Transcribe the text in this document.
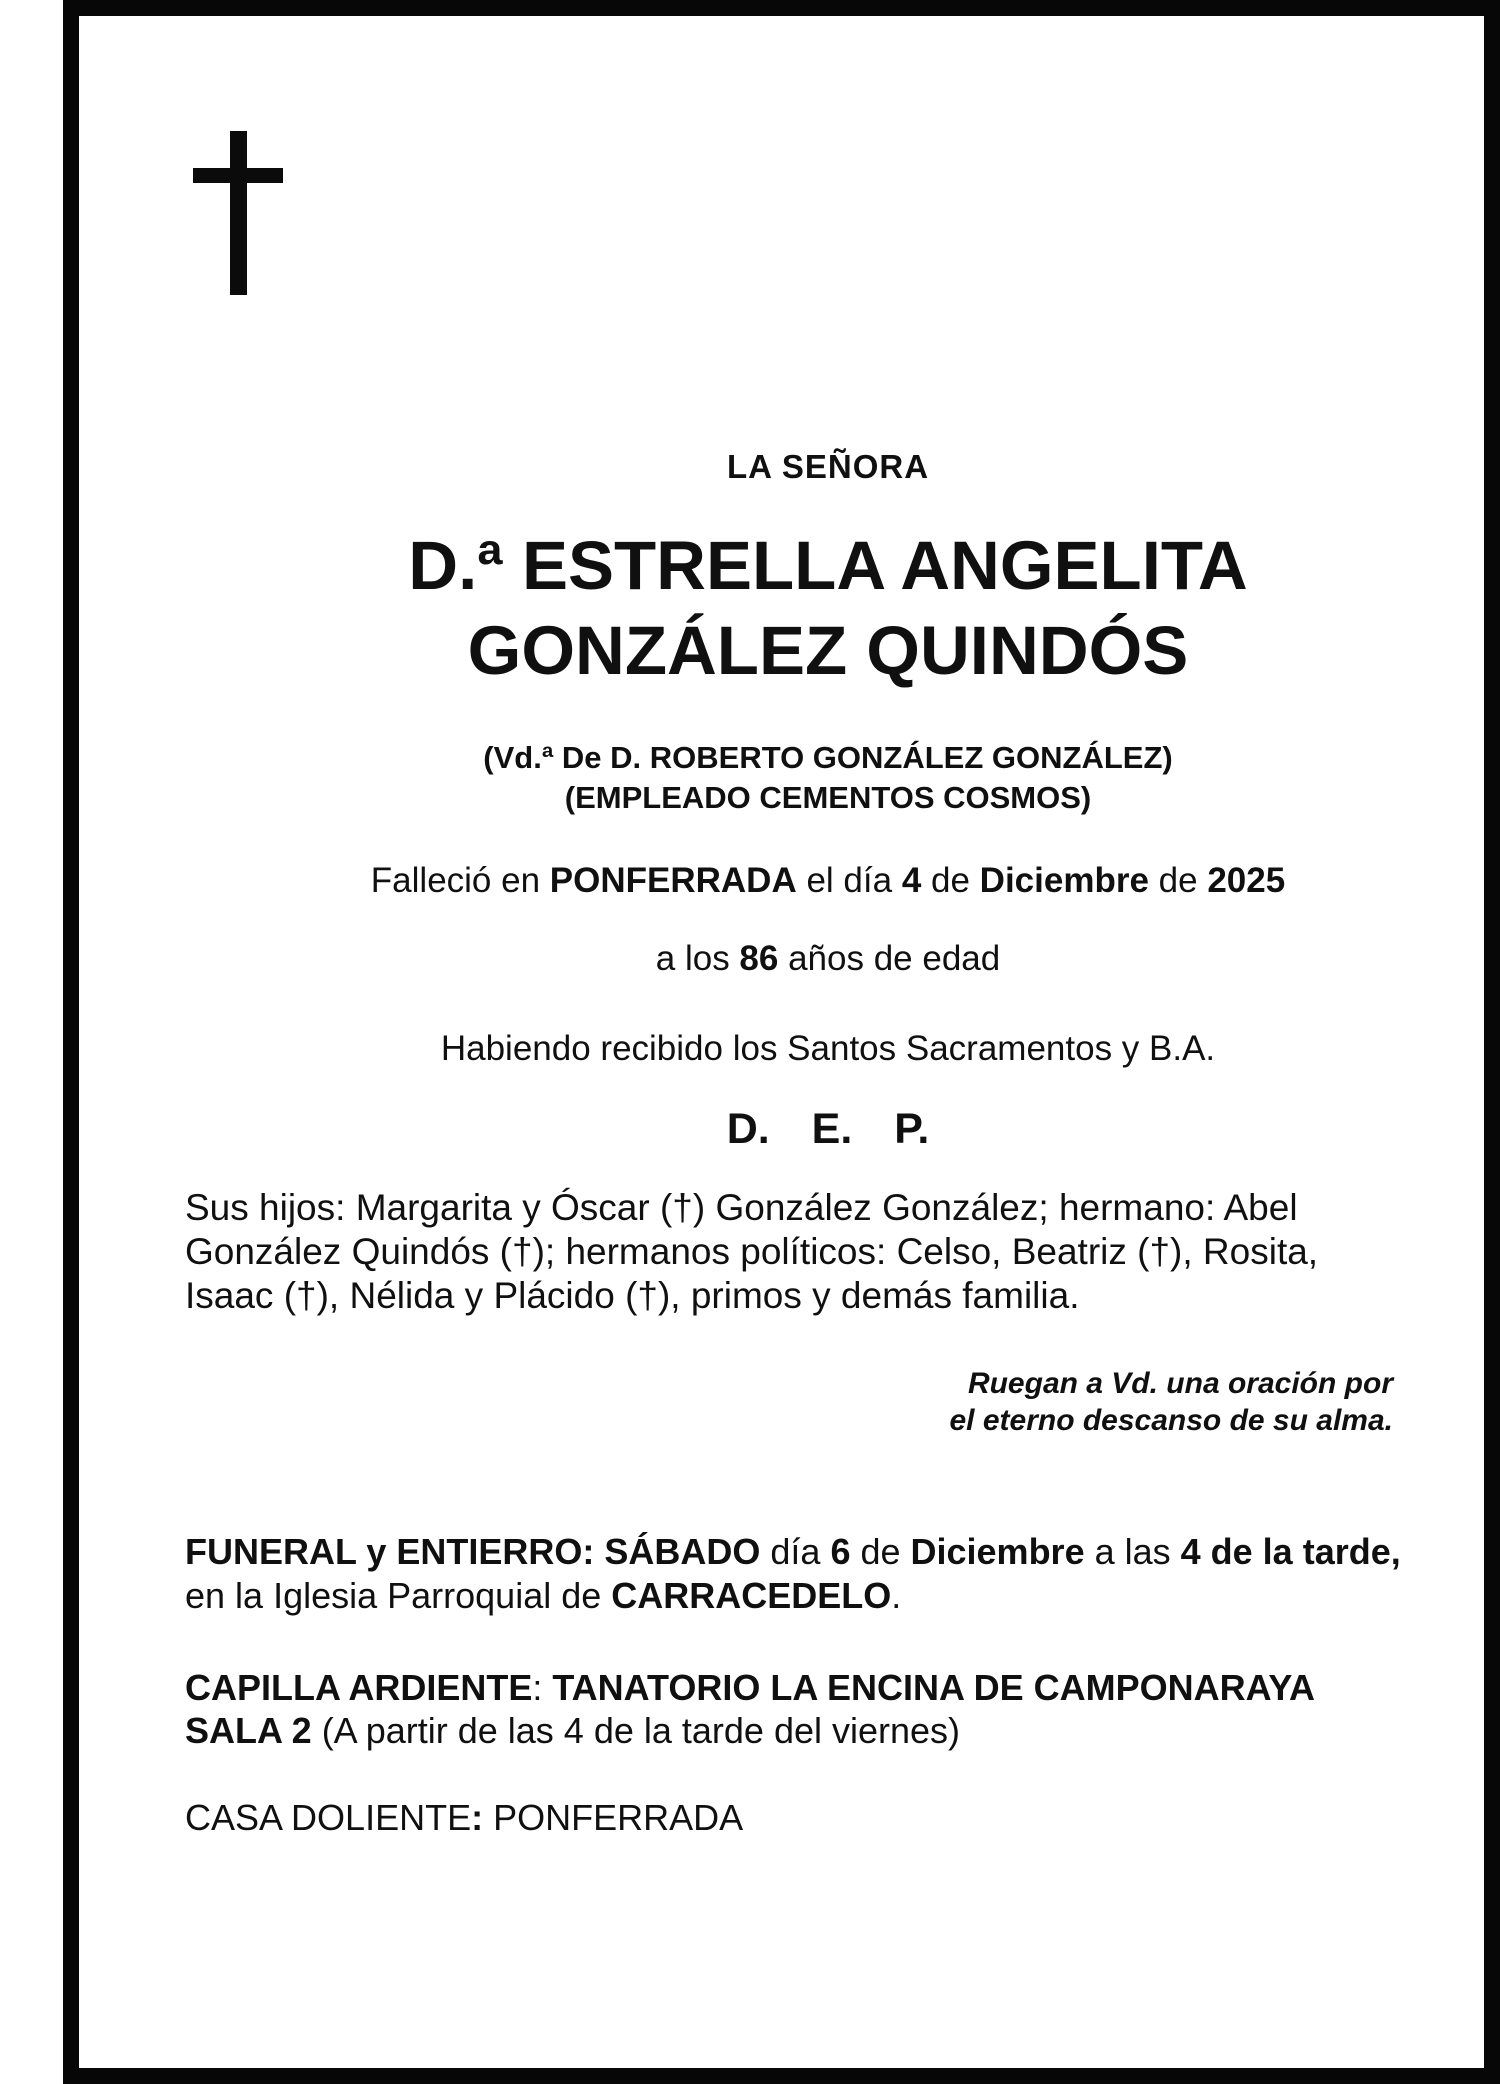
LA SEÑORA
D.ª ESTRELLA ANGELITA
GONZÁLEZ QUINDÓS
(Vd.ª De D. ROBERTO GONZÁLEZ GONZÁLEZ)
(EMPLEADO CEMENTOS COSMOS)
Falleció en PONFERRADA el día 4 de Diciembre de 2025
a los 86 años de edad
Habiendo recibido los Santos Sacramentos y B.A.
D. E. P.
Sus hijos: Margarita y Óscar (†) González González; hermano: Abel
González Quindós (†); hermanos políticos: Celso, Beatriz (†), Rosita,
Isaac (†), Nélida y Plácido (†), primos y demás familia.
Ruegan a Vd. una oración por
el eterno descanso de su alma.
FUNERAL y ENTIERRO: SÁBADO día 6 de Diciembre a las 4 de la tarde,
en la Iglesia Parroquial de CARRACEDELO.
CAPILLA ARDIENTE: TANATORIO LA ENCINA DE CAMPONARAYA
SALA 2 (A partir de las 4 de la tarde del viernes)
CASA DOLIENTE: PONFERRADA
